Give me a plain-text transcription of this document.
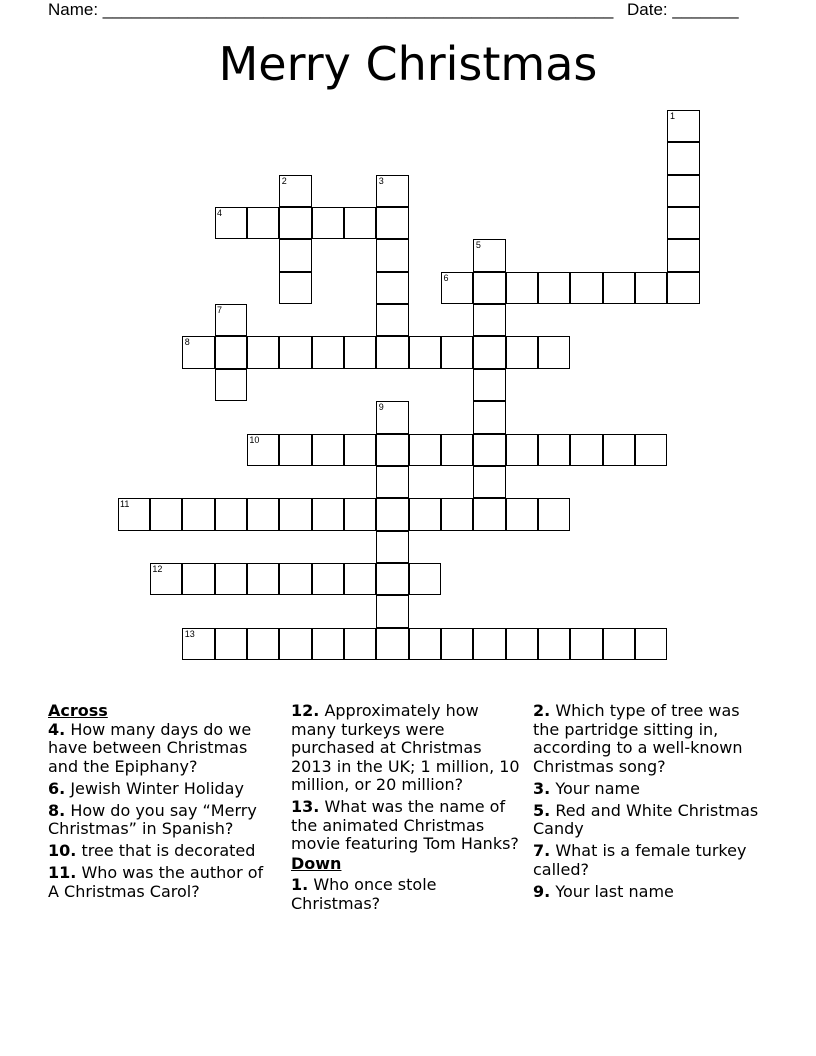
Name: ______________________________________________________ Date: _______
Merry Christmas
1
2	3
4
5
6
7
8
9
10
11
12
13
Across
4. How many days do we have between Christmas and the Epiphany?
6. Jewish Winter Holiday
8. How do you say “Merry Christmas” in Spanish?
10. tree that is decorated
11. Who was the author of A Christmas Carol?
12. Approximately how many turkeys were purchased at Christmas 2013 in the UK; 1 million, 10 million, or 20 million?
13. What was the name of the animated Christmas movie featuring Tom Hanks?
Down
1. Who once stole Christmas?
2. Which type of tree was the partridge sitting in, according to a well-known Christmas song?
3. Your name
5. Red and White Christmas Candy
7. What is a female turkey called?
9. Your last name
